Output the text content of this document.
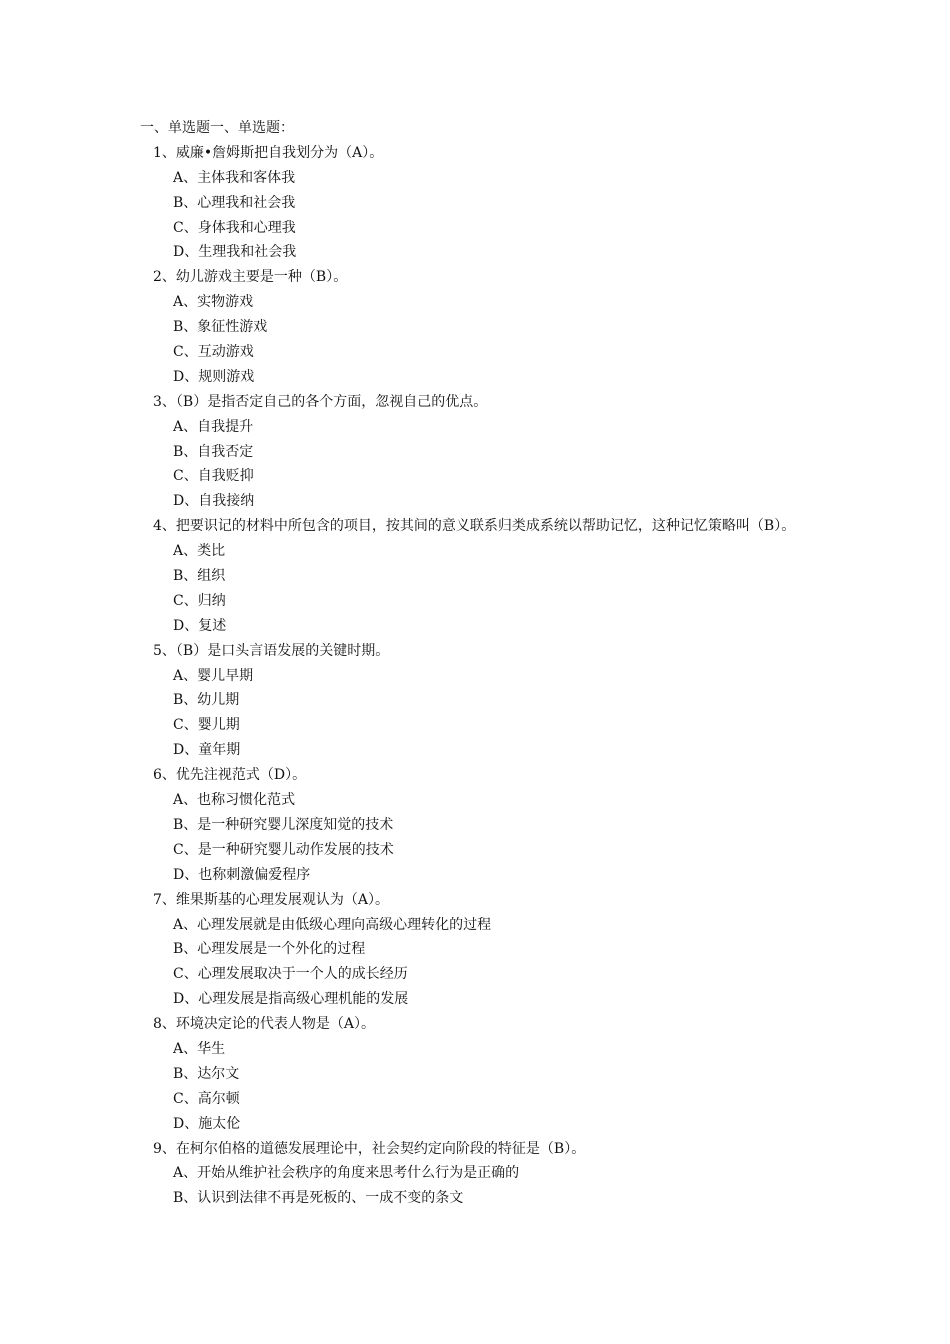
一、单选题一、单选题：
1、威廉•詹姆斯把自我划分为（A）。
A、主体我和客体我
B、心理我和社会我
C、身体我和心理我
D、生理我和社会我
2、幼儿游戏主要是一种（B）。
A、实物游戏
B、象征性游戏
C、互动游戏
D、规则游戏
3、（B）是指否定自己的各个方面，忽视自己的优点。
A、自我提升
B、自我否定
C、自我贬抑
D、自我接纳
4、把要识记的材料中所包含的项目，按其间的意义联系归类成系统以帮助记忆，这种记忆策略叫（B）。
A、类比
B、组织
C、归纳
D、复述
5、（B）是口头言语发展的关键时期。
A、婴儿早期
B、幼儿期
C、婴儿期
D、童年期
6、优先注视范式（D）。
A、也称习惯化范式
B、是一种研究婴儿深度知觉的技术
C、是一种研究婴儿动作发展的技术
D、也称刺激偏爱程序
7、维果斯基的心理发展观认为（A）。
A、心理发展就是由低级心理向高级心理转化的过程
B、心理发展是一个外化的过程
C、心理发展取决于一个人的成长经历
D、心理发展是指高级心理机能的发展
8、环境决定论的代表人物是（A）。
A、华生
B、达尔文
C、高尔顿
D、施太伦
9、在柯尔伯格的道德发展理论中，社会契约定向阶段的特征是（B）。
A、开始从维护社会秩序的角度来思考什么行为是正确的
B、认识到法律不再是死板的、一成不变的条文
